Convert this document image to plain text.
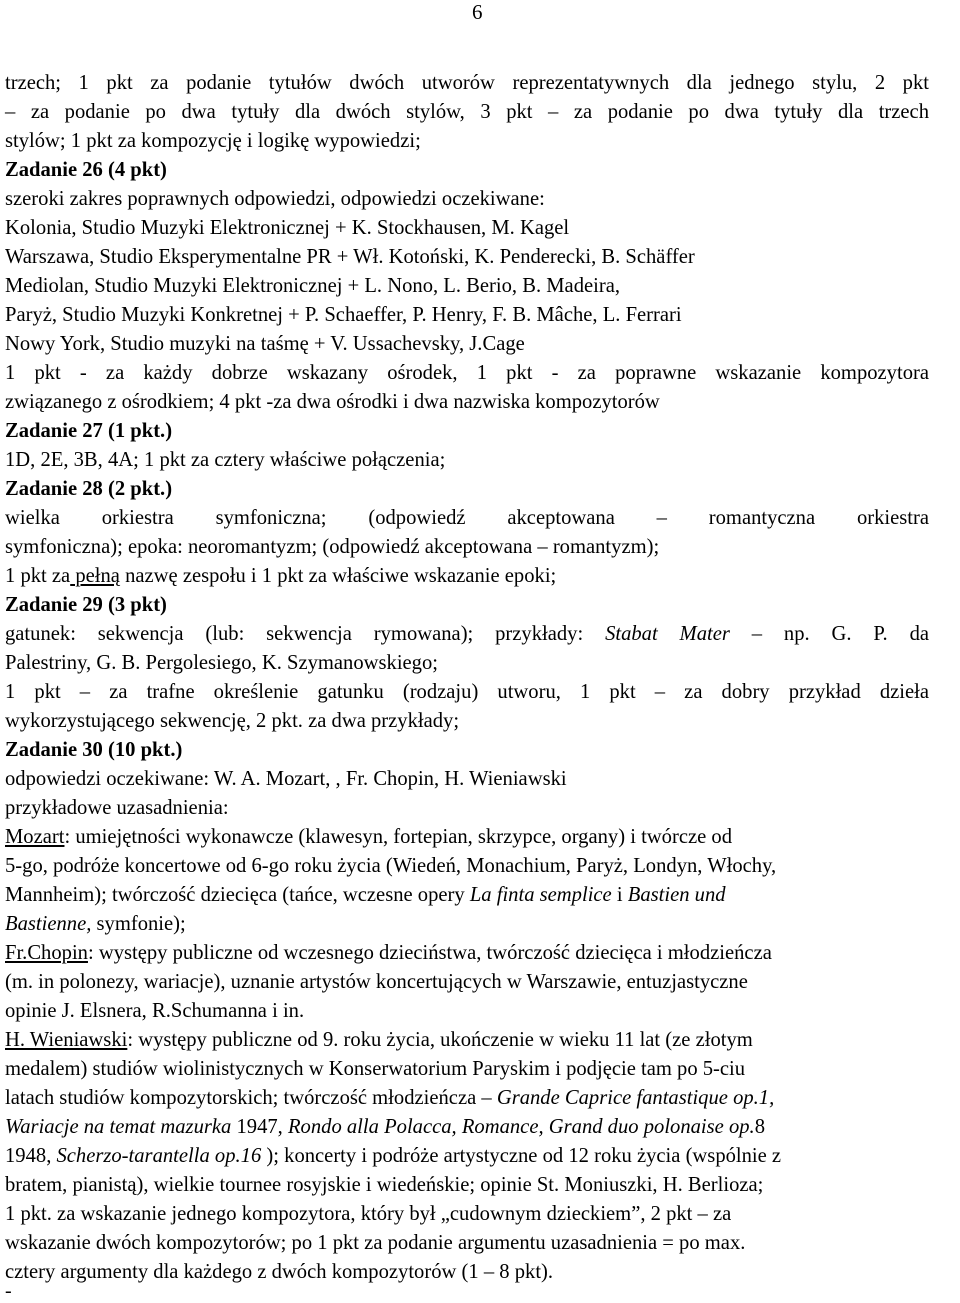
6
trzech; 1 pkt za podanie tytułów dwóch utworów reprezentatywnych dla jednego stylu, 2 pkt
– za podanie po dwa tytuły dla dwóch stylów, 3 pkt – za podanie po dwa tytuły dla trzech
stylów; 1 pkt za kompozycję i logikę wypowiedzi;
Zadanie 26 (4 pkt)
szeroki zakres poprawnych odpowiedzi, odpowiedzi oczekiwane:
Kolonia, Studio Muzyki Elektronicznej + K. Stockhausen, M. Kagel
Warszawa, Studio Eksperymentalne PR + Wł. Kotoński, K. Penderecki, B. Schäffer
Mediolan, Studio Muzyki Elektronicznej + L. Nono, L. Berio, B. Madeira,
Paryż, Studio Muzyki Konkretnej + P. Schaeffer, P. Henry, F. B. Mâche, L. Ferrari
Nowy York, Studio muzyki na taśmę + V. Ussachevsky, J.Cage
1 pkt - za każdy dobrze wskazany ośrodek, 1 pkt - za poprawne wskazanie kompozytora
związanego z ośrodkiem; 4 pkt -za dwa ośrodki i dwa nazwiska kompozytorów
Zadanie 27 (1 pkt.)
1D, 2E, 3B, 4A; 1 pkt za cztery właściwe połączenia;
Zadanie 28 (2 pkt.)
wielka orkiestra symfoniczna; (odpowiedź akceptowana – romantyczna orkiestra
symfoniczna); epoka: neoromantyzm; (odpowiedź akceptowana – romantyzm);
1 pkt za pełną nazwę zespołu i 1 pkt za właściwe wskazanie epoki;
Zadanie 29 (3 pkt)
gatunek: sekwencja (lub: sekwencja rymowana); przykłady: Stabat Mater – np. G. P. da
Palestriny, G. B. Pergolesiego, K. Szymanowskiego;
1 pkt – za trafne określenie gatunku (rodzaju) utworu, 1 pkt – za dobry przykład dzieła
wykorzystującego sekwencję, 2 pkt. za dwa przykłady;
Zadanie 30 (10 pkt.)
odpowiedzi oczekiwane: W. A. Mozart, , Fr. Chopin, H. Wieniawski
przykładowe uzasadnienia:
Mozart: umiejętności wykonawcze (klawesyn, fortepian, skrzypce, organy) i twórcze od
5-go, podróże koncertowe od 6-go roku życia (Wiedeń, Monachium, Paryż, Londyn, Włochy,
Mannheim); twórczość dziecięca (tańce, wczesne opery La finta semplice i Bastien und
Bastienne, symfonie);
Fr.Chopin: występy publiczne od wczesnego dzieciństwa, twórczość dziecięca i młodzieńcza
(m. in polonezy, wariacje), uznanie artystów koncertujących w Warszawie, entuzjastyczne
opinie J. Elsnera, R.Schumanna i in.
H. Wieniawski: występy publiczne od 9. roku życia, ukończenie w wieku 11 lat (ze złotym
medalem) studiów wiolinistycznych w Konserwatorium Paryskim i podjęcie tam po 5-ciu
latach studiów kompozytorskich; twórczość młodzieńcza – Grande Caprice fantastique op.1,
Wariacje na temat mazurka 1947, Rondo alla Polacca, Romance, Grand duo polonaise op.8
1948, Scherzo-tarantella op.16 ); koncerty i podróże artystyczne od 12 roku życia (wspólnie z
bratem, pianistą), wielkie tournee rosyjskie i wiedeńskie; opinie St. Moniuszki, H. Berlioza;
1 pkt. za wskazanie jednego kompozytora, który był „cudownym dzieckiem”, 2 pkt – za
wskazanie dwóch kompozytorów; po 1 pkt za podanie argumentu uzasadnienia = po max.
cztery argumenty dla każdego z dwóch kompozytorów (1 – 8 pkt).
-
